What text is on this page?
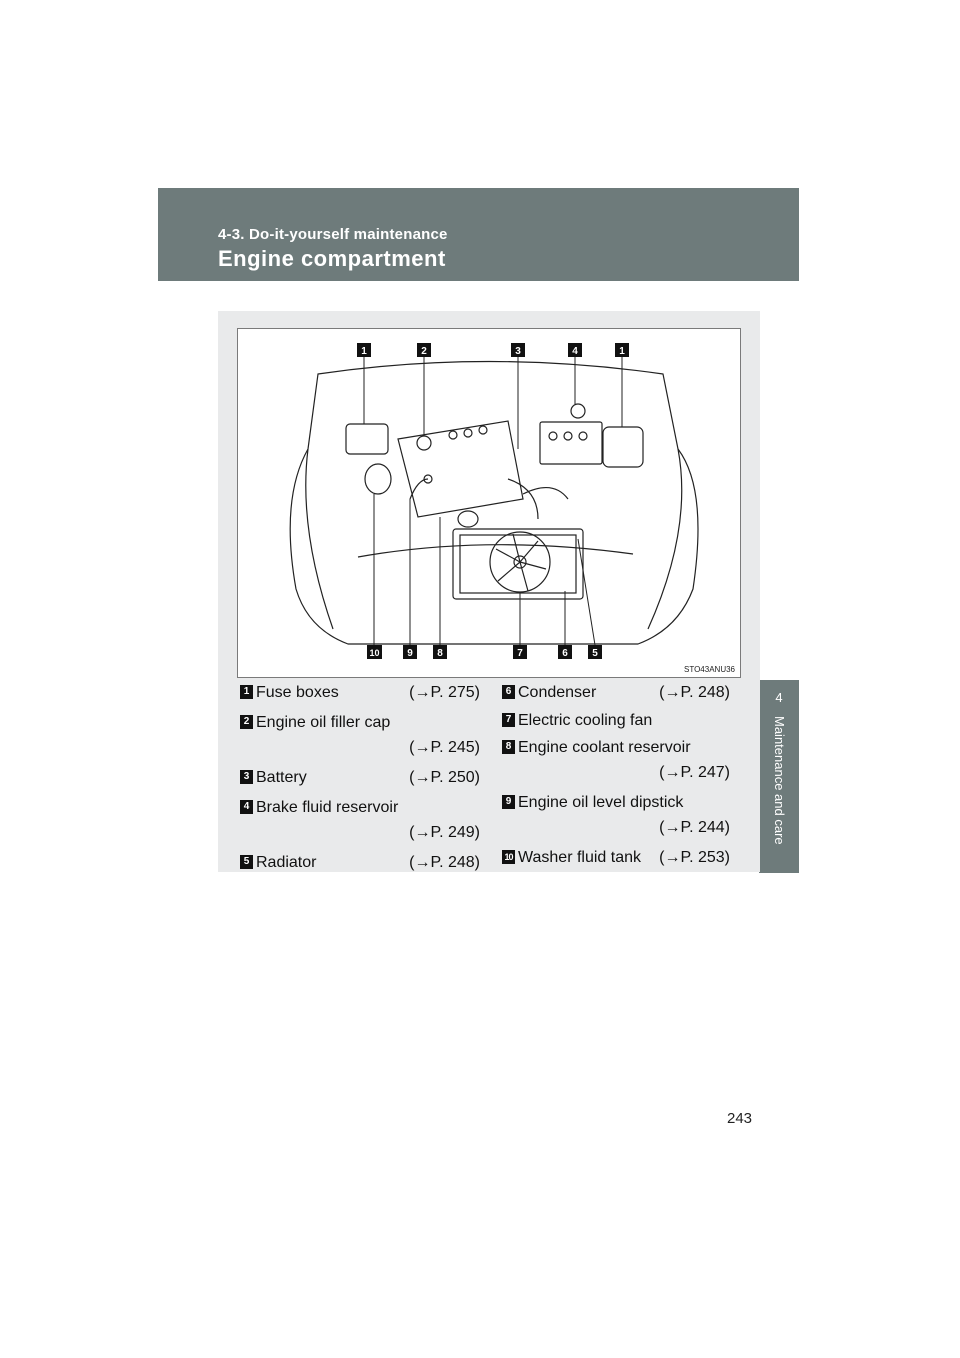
4-3. Do-it-yourself maintenance
Engine compartment
4
Maintenance and care
1	2	3	4	1
10	9 8	7	6 5
STO43ANU36
1 Fuse boxes	(→P. 275)
2 Engine oil filler cap
(→P. 245)
3 Battery	(→P. 250)
4 Brake fluid reservoir
(→P. 249)
5 Radiator	(→P. 248)
6 Condenser	(→P. 248)
7 Electric cooling fan
8 Engine coolant reservoir
(→P. 247)
9 Engine oil level dipstick
(→P. 244)
10 Washer fluid tank (→P. 253)
243
